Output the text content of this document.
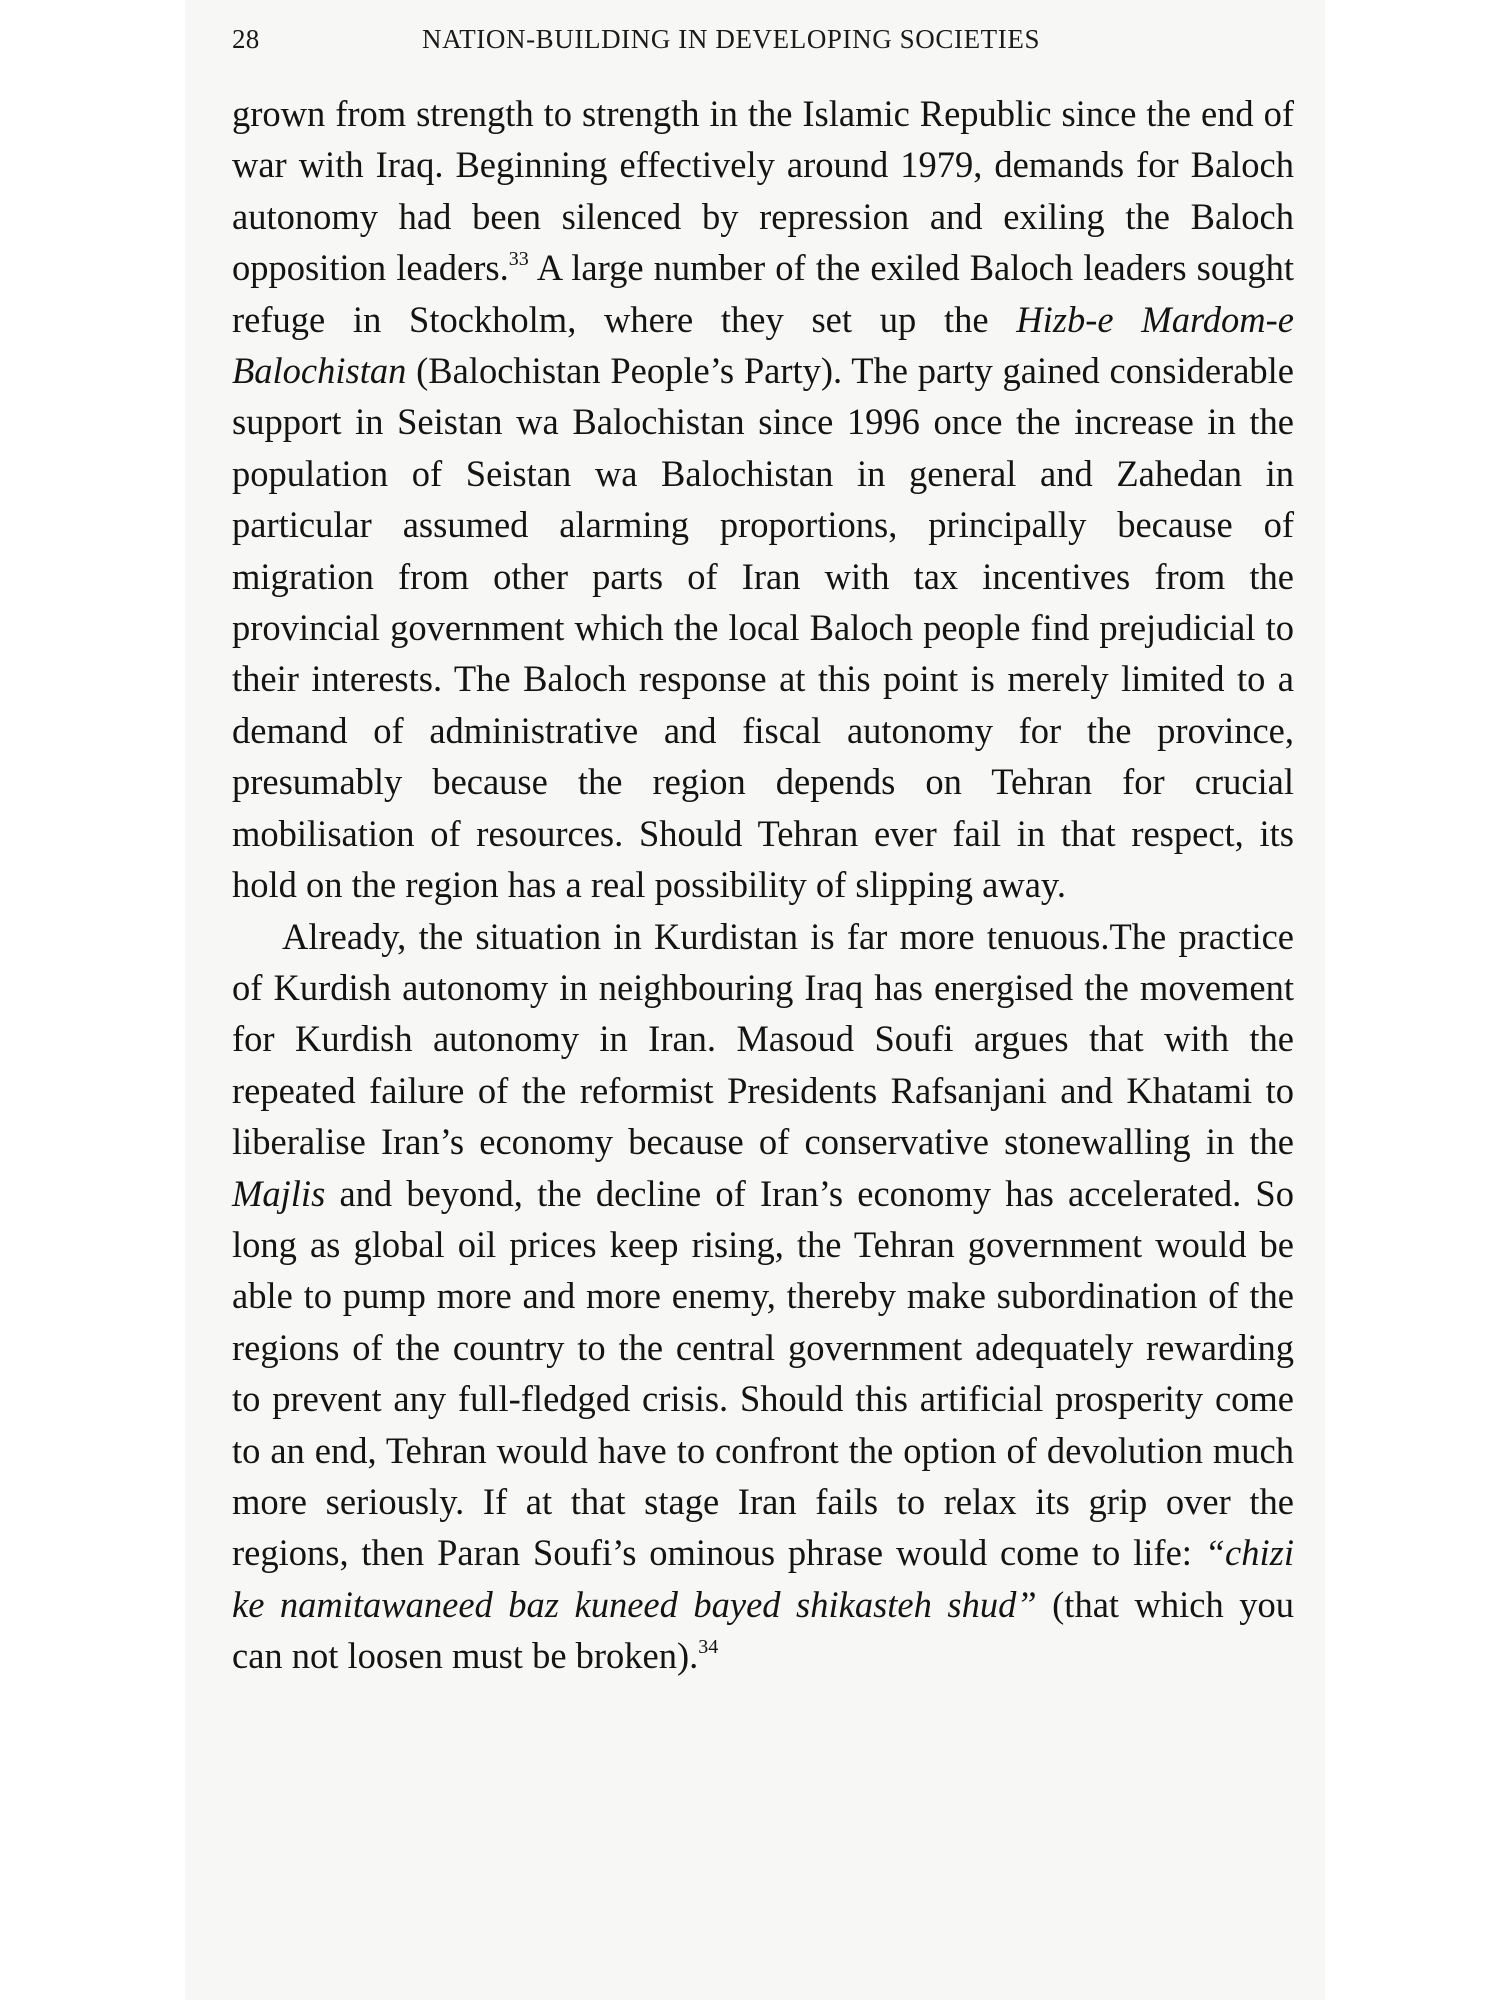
28	NATION-BUILDING IN DEVELOPING SOCIETIES

grown from strength to strength in the Islamic Republic since the end of war with Iraq. Beginning effectively around 1979, demands for Baloch autonomy had been silenced by repression and exiling the Baloch opposition leaders.$^{33}$ A large number of the exiled Baloch leaders sought refuge in Stockholm, where they set up the Hizb-e Mardom-e Balochistan (Balochistan People’s Party). The party gained considerable support in Seistan wa Balochistan since 1996 once the increase in the population of Seistan wa Balochistan in general and Zahedan in particular assumed alarming proportions, principally because of migration from other parts of Iran with tax incentives from the provincial government which the local Baloch people find prejudicial to their interests. The Baloch response at this point is merely limited to a demand of administrative and fiscal autonomy for the province, presumably because the region depends on Tehran for crucial mobilisation of resources. Should Tehran ever fail in that respect, its hold on the region has a real possibility of slipping away.

Already, the situation in Kurdistan is far more tenuous.The practice of Kurdish autonomy in neighbouring Iraq has energised the movement for Kurdish autonomy in Iran. Masoud Soufi argues that with the repeated failure of the reformist Presidents Rafsanjani and Khatami to liberalise Iran’s economy because of conservative stonewalling in the Majlis and beyond, the decline of Iran’s economy has accelerated. So long as global oil prices keep rising, the Tehran government would be able to pump more and more enemy, thereby make subordination of the regions of the country to the central government adequately rewarding to prevent any full-fledged crisis. Should this artificial prosperity come to an end, Tehran would have to confront the option of devolution much more seriously. If at that stage Iran fails to relax its grip over the regions, then Paran Soufi’s ominous phrase would come to life: “chizi ke namitawaneed baz kuneed bayed shikasteh shud” (that which you can not loosen must be broken).$^{34}$
